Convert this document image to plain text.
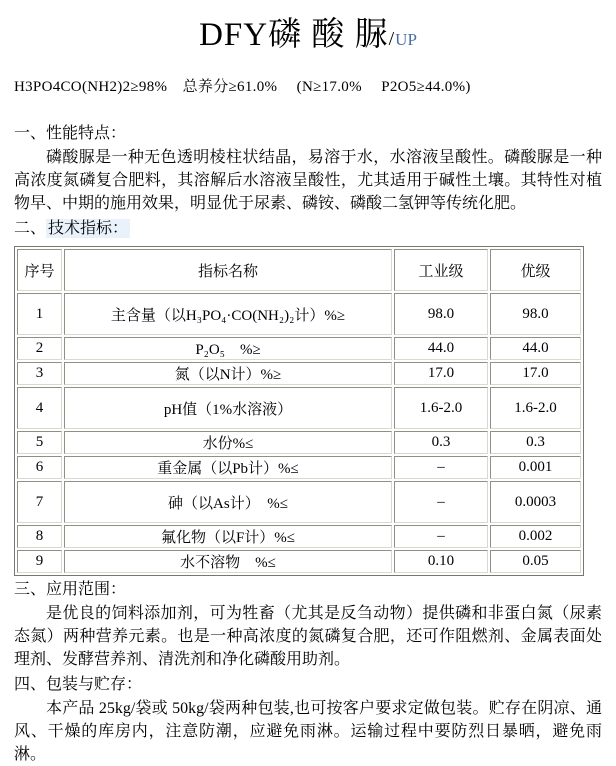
DFY磷 酸 脲/UP
H3PO4CO(NH2)2≥98%　总养分≥61.0%　 (N≥17.0%　 P2O5≥44.0%)
一、性能特点：

磷酸脲是一种无色透明棱柱状结晶，易溶于水，水溶液呈酸性。磷酸脲是一种高浓度氮磷复合肥料，其溶解后水溶液呈酸性，尤其适用于碱性土壤。其特性对植物早、中期的施用效果，明显优于尿素、磷铵、磷酸二氢钾等传统化肥。

二、 技术指标：
序号	指标名称	工业级	优级
1	主含量（以H₃PO₄·CO(NH₂)₂计）%≥	98.0	98.0
2	P₂O₅　%≥	44.0	44.0
3	氮（以N计）%≥	17.0	17.0
4	pH值（1%水溶液）	1.6-2.0	1.6-2.0
5	水份%≤	0.3	0.3
6	重金属（以Pb计）%≤	–	0.001
7	砷（以As计）　%≤	–	0.0003
8	氟化物（以F计）%≤	–	0.002
9	水不溶物　%≤	0.10	0.05
三、应用范围：

是优良的饲料添加剂，可为牲畜（尤其是反刍动物）提供磷和非蛋白氮（尿素态氮）两种营养元素。也是一种高浓度的氮磷复合肥，还可作阻燃剂、金属表面处理剂、发酵营养剂、清洗剂和净化磷酸用助剂。

四、包装与贮存：

本产品 25kg/袋或 50kg/袋两种包装,也可按客户要求定做包装。贮存在阴凉、通风、干燥的库房内，注意防潮，应避免雨淋。运输过程中要防烈日暴晒，避免雨淋。
